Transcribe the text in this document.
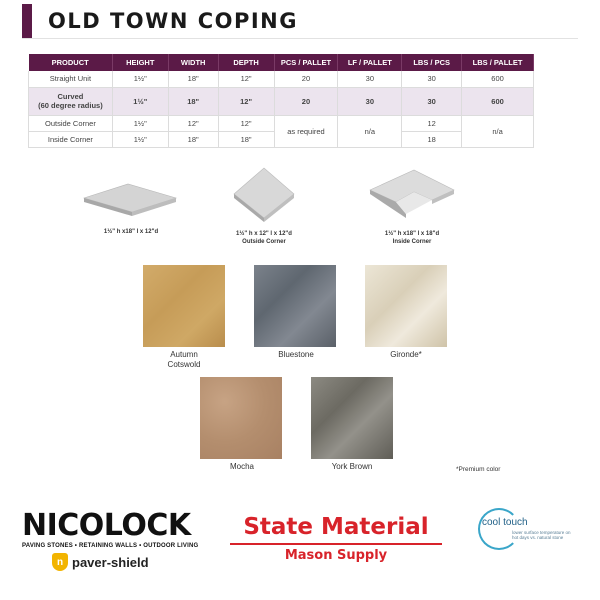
OLD TOWN COPING
PRODUCT	HEIGHT	WIDTH	DEPTH	PCS / PALLET	LF / PALLET	LBS / PCS	LBS / PALLET
Straight Unit	1½"	18"	12"	20	30	30	600

Curved
(60 degree radius)	1½"	18"	12"	20	30	30	600
Outside Corner	1½"	12"	12"	as required	n/a	12	n/a
Inside Corner	1½"	18"	18"			18	
1½" h x18" l x 12"d	1½" h x 12" l x 12"d
Outside Corner
1½" h x18" l x 18"d
Inside Corner
Autumn
Cotswold
Bluestone	Gironde*
Mocha	York Brown	*Premium color
NICOLOCK
PAVING STONES • RETAINING WALLS • OUTDOOR LIVING
n paver-shield
State Material
Mason Supply
cool touch
lower surface temperature on hot days vs. natural stone
